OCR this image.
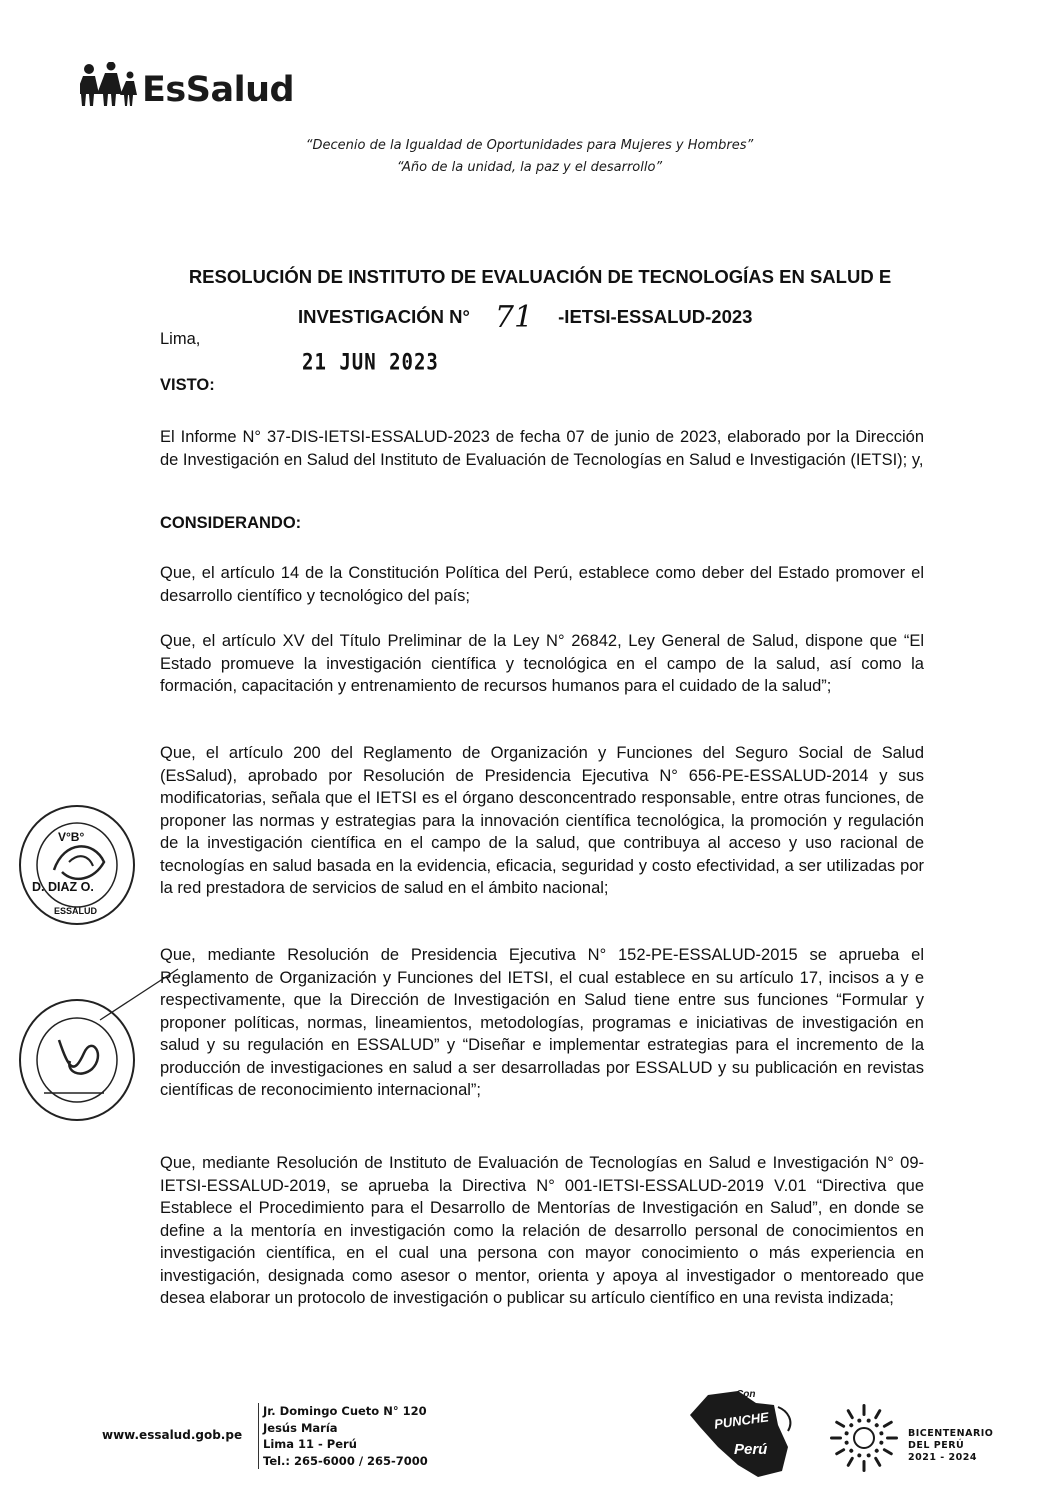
EsSalud
“Decenio de la Igualdad de Oportunidades para Mujeres y Hombres”
“Año de la unidad, la paz y el desarrollo”
RESOLUCIÓN DE INSTITUTO DE EVALUACIÓN DE TECNOLOGÍAS EN SALUD E
INVESTIGACIÓN N° 71 -IETSI-ESSALUD-2023
Lima,
21 JUN 2023
VISTO:
El Informe N° 37-DIS-IETSI-ESSALUD-2023 de fecha 07 de junio de 2023, elaborado por la Dirección de Investigación en Salud del Instituto de Evaluación de Tecnologías en Salud e Investigación (IETSI); y,
CONSIDERANDO:
Que, el artículo 14 de la Constitución Política del Perú, establece como deber del Estado promover el desarrollo científico y tecnológico del país;
Que, el artículo XV del Título Preliminar de la Ley N° 26842, Ley General de Salud, dispone que “El Estado promueve la investigación científica y tecnológica en el campo de la salud, así como la formación, capacitación y entrenamiento de recursos humanos para el cuidado de la salud”;
Que, el artículo 200 del Reglamento de Organización y Funciones del Seguro Social de Salud (EsSalud), aprobado por Resolución de Presidencia Ejecutiva N° 656-PE-ESSALUD-2014 y sus modificatorias, señala que el IETSI es el órgano desconcentrado responsable, entre otras funciones, de proponer las normas y estrategias para la innovación científica tecnológica, la promoción y regulación de la investigación científica en el campo de la salud, que contribuya al acceso y uso racional de tecnologías en salud basada en la evidencia, eficacia, seguridad y costo efectividad, a ser utilizadas por la red prestadora de servicios de salud en el ámbito nacional;
Que, mediante Resolución de Presidencia Ejecutiva N° 152-PE-ESSALUD-2015 se aprueba el Reglamento de Organización y Funciones del IETSI, el cual establece en su artículo 17, incisos a y e respectivamente, que la Dirección de Investigación en Salud tiene entre sus funciones “Formular y proponer políticas, normas, lineamientos, metodologías, programas e iniciativas de investigación en salud y su regulación en ESSALUD” y “Diseñar e implementar estrategias para el incremento de la producción de investigaciones en salud a ser desarrolladas por ESSALUD y su publicación en revistas científicas de reconocimiento internacional”;
Que, mediante Resolución de Instituto de Evaluación de Tecnologías en Salud e Investigación N° 09-IETSI-ESSALUD-2019, se aprueba la Directiva N° 001-IETSI-ESSALUD-2019 V.01 “Directiva que Establece el Procedimiento para el Desarrollo de Mentorías de Investigación en Salud”, en donde se define a la mentoría en investigación como la relación de desarrollo personal de conocimientos en investigación científica, en el cual una persona con mayor conocimiento o más experiencia en investigación, designada como asesor o mentor, orienta y apoya al investigador o mentoreado que desea elaborar un protocolo de investigación o publicar su artículo científico en una revista indizada;
V°B°
D. DIAZ O.
ESSALUD
www.essalud.gob.pe
Jr. Domingo Cueto N° 120
Jesús María
Lima 11 - Perú
Tel.: 265-6000 / 265-7000
Con
PUNCHE
Perú
BICENTENARIO
DEL PERÚ
2021 - 2024
